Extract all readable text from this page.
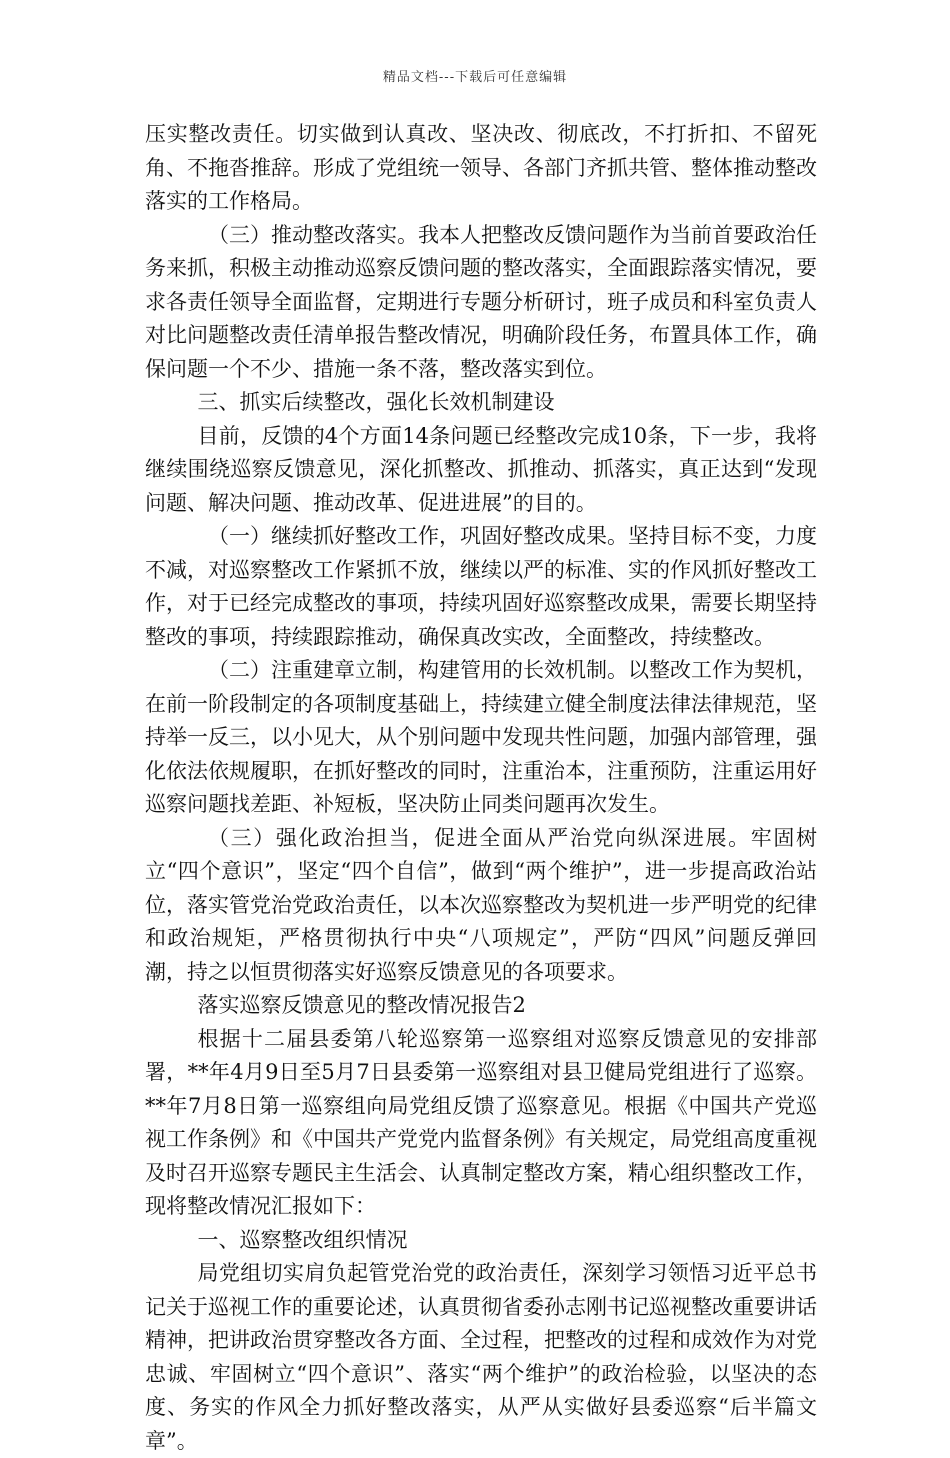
精品文档---下载后可任意编辑

压实整改责任。切实做到认真改、坚决改、彻底改，不打折扣、不留死角、不拖沓推辞。形成了党组统一领导、各部门齐抓共管、整体推动整改落实的工作格局。

（三）推动整改落实。我本人把整改反馈问题作为当前首要政治任务来抓，积极主动推动巡察反馈问题的整改落实，全面跟踪落实情况，要求各责任领导全面监督，定期进行专题分析研讨，班子成员和科室负责人对比问题整改责任清单报告整改情况，明确阶段任务，布置具体工作，确保问题一个不少、措施一条不落，整改落实到位。

三、抓实后续整改，强化长效机制建设

目前，反馈的4个方面14条问题已经整改完成10条，下一步，我将继续围绕巡察反馈意见，深化抓整改、抓推动、抓落实，真正达到“发现问题、解决问题、推动改革、促进进展”的目的。

（一）继续抓好整改工作，巩固好整改成果。坚持目标不变，力度不减，对巡察整改工作紧抓不放，继续以严的标准、实的作风抓好整改工作，对于已经完成整改的事项，持续巩固好巡察整改成果，需要长期坚持整改的事项，持续跟踪推动，确保真改实改，全面整改，持续整改。

（二）注重建章立制，构建管用的长效机制。以整改工作为契机，在前一阶段制定的各项制度基础上，持续建立健全制度法律法律规范，坚持举一反三，以小见大，从个别问题中发现共性问题，加强内部管理，强化依法依规履职，在抓好整改的同时，注重治本，注重预防，注重运用好巡察问题找差距、补短板，坚决防止同类问题再次发生。

（三）强化政治担当，促进全面从严治党向纵深进展。牢固树立“四个意识”，坚定“四个自信”，做到“两个维护”，进一步提高政治站位，落实管党治党政治责任，以本次巡察整改为契机进一步严明党的纪律和政治规矩，严格贯彻执行中央“八项规定”，严防“四风”问题反弹回潮，持之以恒贯彻落实好巡察反馈意见的各项要求。

落实巡察反馈意见的整改情况报告2

根据十二届县委第八轮巡察第一巡察组对巡察反馈意见的安排部署，**年4月9日至5月7日县委第一巡察组对县卫健局党组进行了巡察。**年7月8日第一巡察组向局党组反馈了巡察意见。根据《中国共产党巡视工作条例》和《中国共产党党内监督条例》有关规定，局党组高度重视及时召开巡察专题民主生活会、认真制定整改方案，精心组织整改工作，现将整改情况汇报如下：

一、巡察整改组织情况

局党组切实肩负起管党治党的政治责任，深刻学习领悟习近平总书记关于巡视工作的重要论述，认真贯彻省委孙志刚书记巡视整改重要讲话精神，把讲政治贯穿整改各方面、全过程，把整改的过程和成效作为对党忠诚、牢固树立“四个意识”、落实“两个维护”的政治检验，以坚决的态度、务实的作风全力抓好整改落实，从严从实做好县委巡察“后半篇文章”。
